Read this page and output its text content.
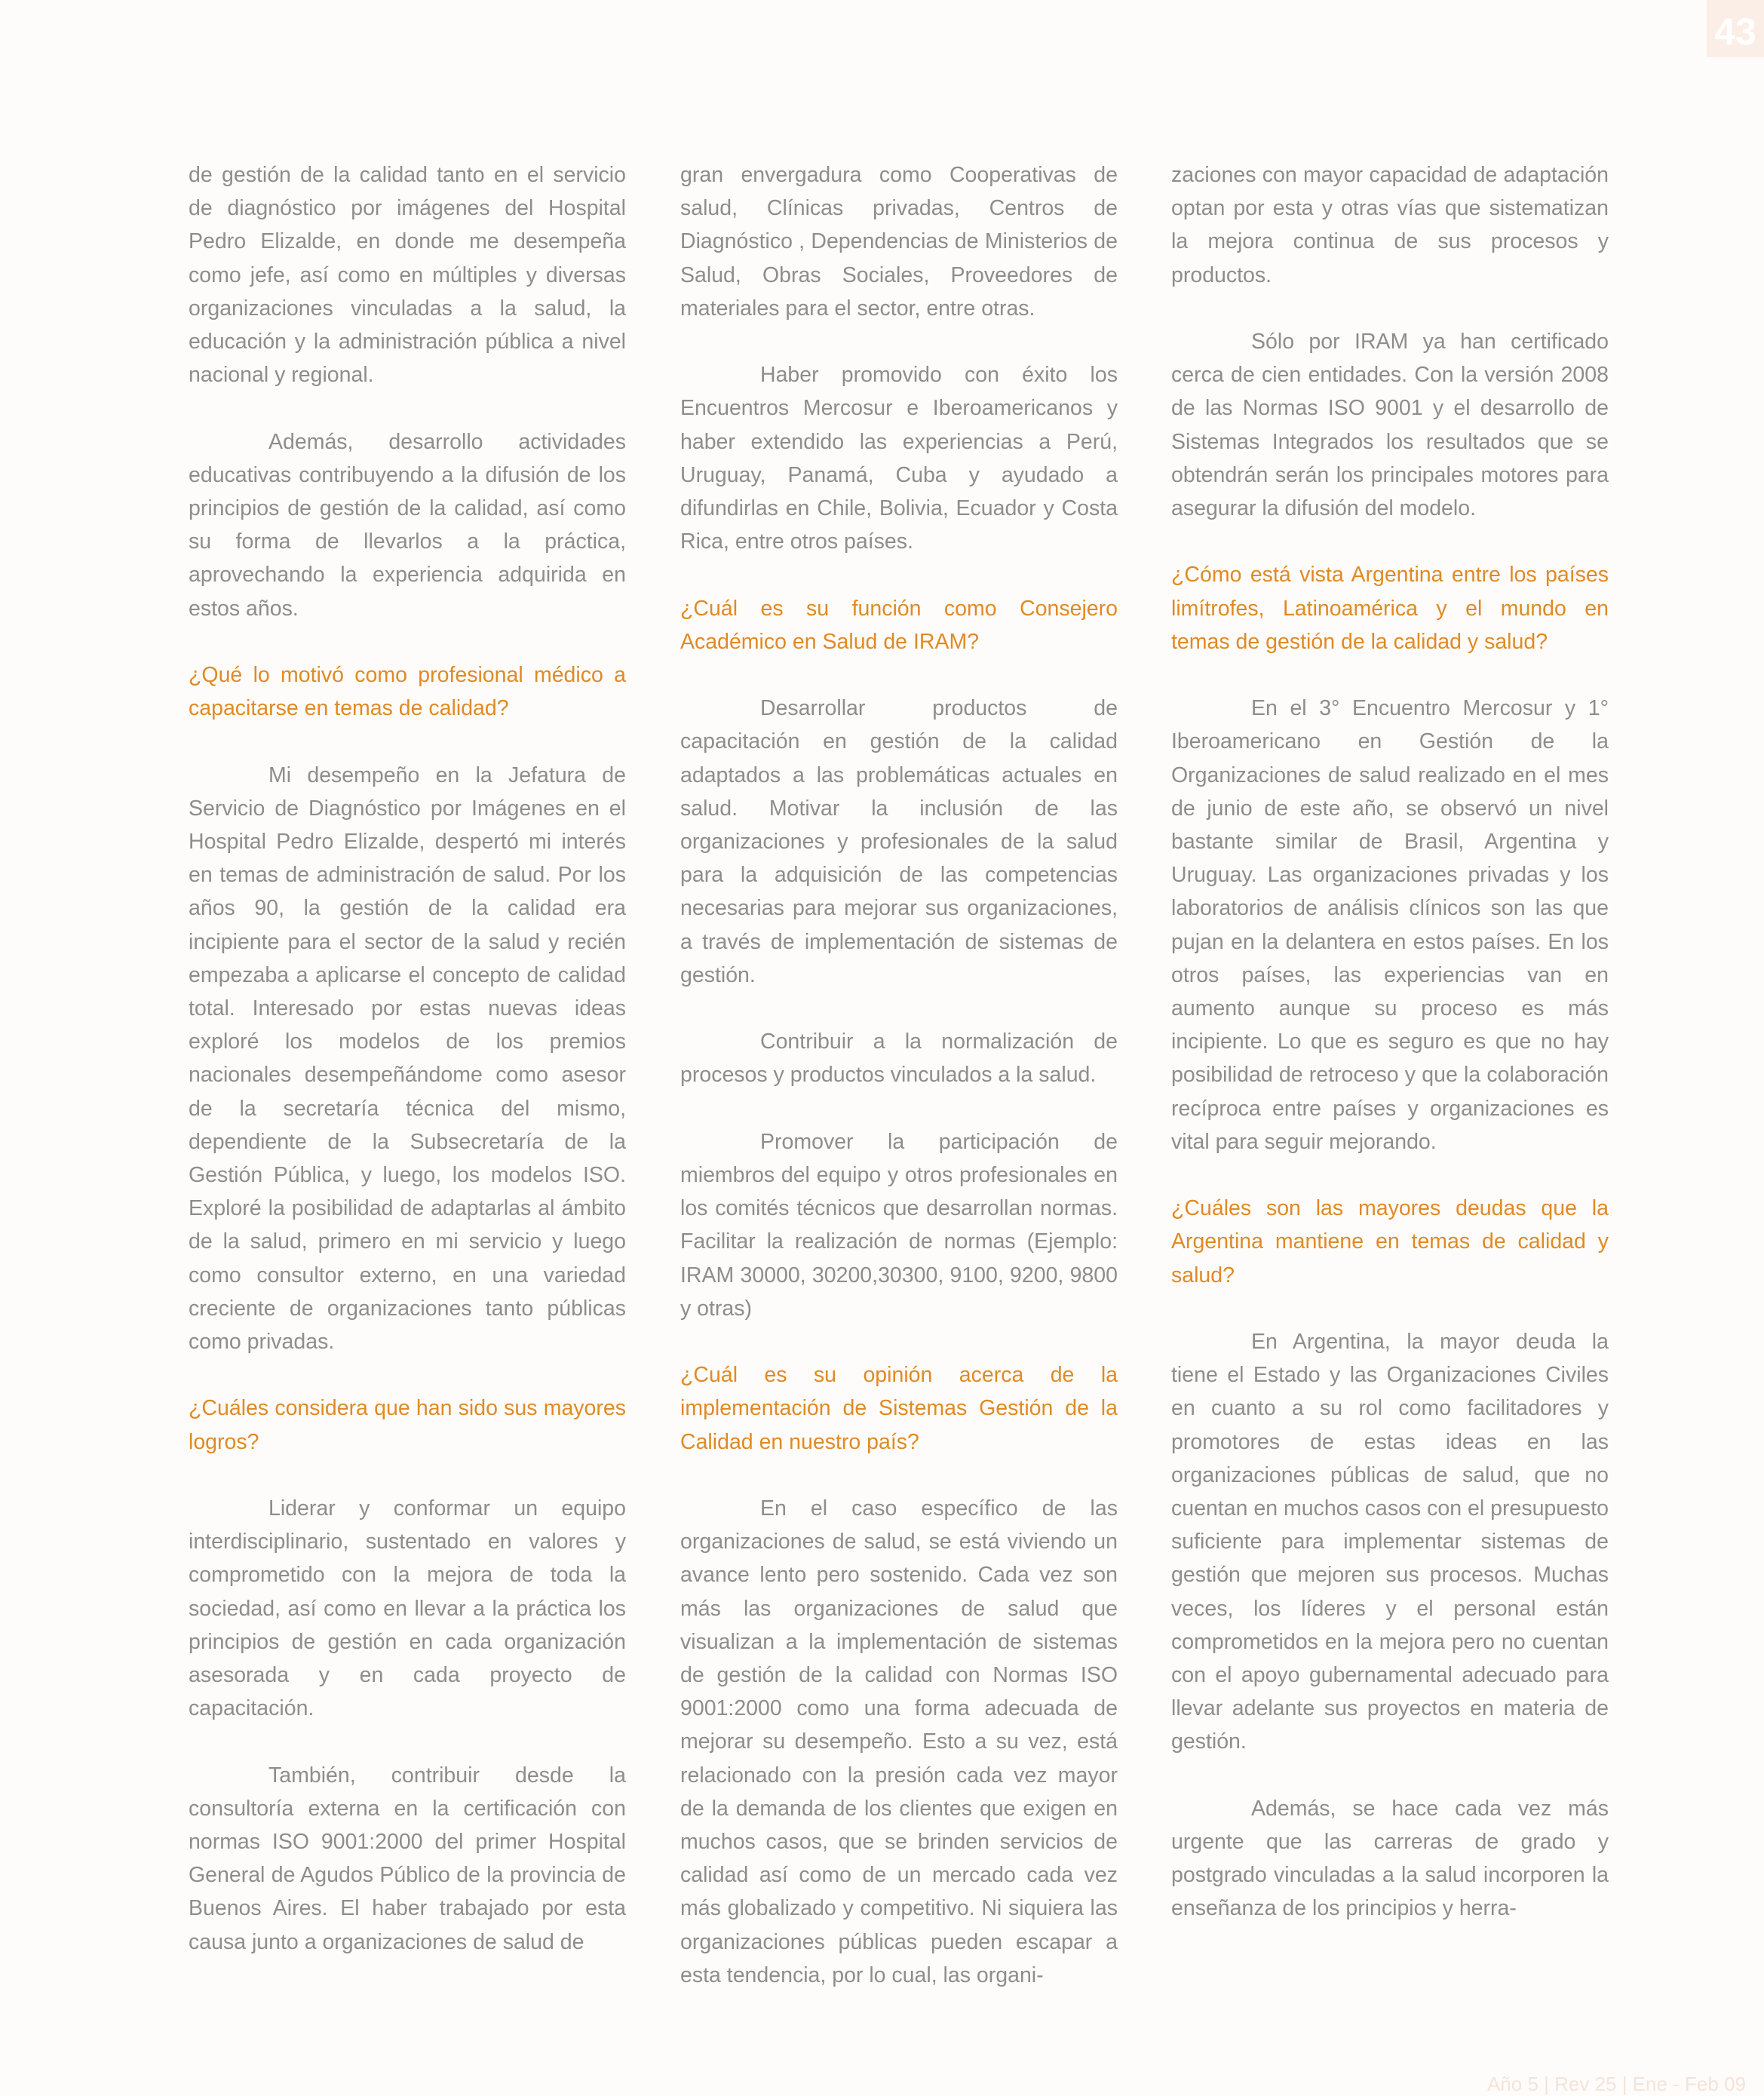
43

de gestión de la calidad tanto en el servicio de diagnóstico por imágenes del Hospital Pedro Elizalde, en donde me desempeña como jefe, así como en múltiples y diversas organizaciones vinculadas a la salud, la educación y la administración pública a nivel nacional y regional.

Además, desarrollo actividades educativas contribuyendo a la difusión de los principios de gestión de la calidad, así como su forma de llevarlos a la práctica, aprovechando la experiencia adquirida en estos años.

¿Qué lo motivó como profesional médico a capacitarse en temas de calidad?

Mi desempeño en la Jefatura de Servicio de Diagnóstico por Imágenes en el Hospital Pedro Elizalde, despertó mi interés en temas de administración de salud. Por los años 90, la gestión de la calidad era incipiente para el sector de la salud y recién empezaba a aplicarse el concepto de calidad total. Interesado por estas nuevas ideas exploré los modelos de los premios nacionales desempeñándome como asesor de la secretaría técnica del mismo, dependiente de la Subsecretaría de la Gestión Pública, y luego, los modelos ISO. Exploré la posibilidad de adaptarlas al ámbito de la salud, primero en mi servicio y luego como consultor externo, en una variedad creciente de organizaciones tanto públicas como privadas.

¿Cuáles considera que han sido sus mayores logros?

Liderar y conformar un equipo interdisciplinario, sustentado en valores y comprometido con la mejora de toda la sociedad, así como en llevar a la práctica los principios de gestión en cada organización asesorada y en cada proyecto de capacitación.

También, contribuir desde la consultoría externa en la certificación con normas ISO 9001:2000 del primer Hospital General de Agudos Público de la provincia de Buenos Aires. El haber trabajado por esta causa junto a organizaciones de salud de

gran envergadura como Cooperativas de salud, Clínicas privadas, Centros de Diagnóstico , Dependencias de Ministerios de Salud, Obras Sociales, Proveedores de materiales para el sector, entre otras.

Haber promovido con éxito los Encuentros Mercosur e Iberoamericanos y haber extendido las experiencias a Perú, Uruguay, Panamá, Cuba y ayudado a difundirlas en Chile, Bolivia, Ecuador y Costa Rica, entre otros países.

¿Cuál es su función como Consejero Académico en Salud de IRAM?

Desarrollar productos de capacitación en gestión de la calidad adaptados a las problemáticas actuales en salud. Motivar la inclusión de las organizaciones y profesionales de la salud para la adquisición de las competencias necesarias para mejorar sus organizaciones, a través de implementación de sistemas de gestión.

Contribuir a la normalización de procesos y productos vinculados a la salud.

Promover la participación de miembros del equipo y otros profesionales en los comités técnicos que desarrollan normas. Facilitar la realización de normas (Ejemplo: IRAM 30000, 30200,30300, 9100, 9200, 9800 y otras)

¿Cuál es su opinión acerca de la implementación de Sistemas Gestión de la Calidad en nuestro país?

En el caso específico de las organizaciones de salud, se está viviendo un avance lento pero sostenido. Cada vez son más las organizaciones de salud que visualizan a la implementación de sistemas de gestión de la calidad con Normas ISO 9001:2000 como una forma adecuada de mejorar su desempeño. Esto a su vez, está relacionado con la presión cada vez mayor de la demanda de los clientes que exigen en muchos casos, que se brinden servicios de calidad así como de un mercado cada vez más globalizado y competitivo. Ni siquiera las organizaciones públicas pueden escapar a esta tendencia, por lo cual, las organi-

zaciones con mayor capacidad de adaptación optan por esta y otras vías que sistematizan la mejora continua de sus procesos y productos.

Sólo por IRAM ya han certificado cerca de cien entidades. Con la versión 2008 de las Normas ISO 9001 y el desarrollo de Sistemas Integrados los resultados que se obtendrán serán los principales motores para asegurar la difusión del modelo.

¿Cómo está vista Argentina entre los países limítrofes, Latinoamérica y el mundo en temas de gestión de la calidad y salud?

En el 3° Encuentro Mercosur y 1° Iberoamericano en Gestión de la Organizaciones de salud realizado en el mes de junio de este año, se observó un nivel bastante similar de Brasil, Argentina y Uruguay. Las organizaciones privadas y los laboratorios de análisis clínicos son las que pujan en la delantera en estos países. En los otros países, las experiencias van en aumento aunque su proceso es más incipiente. Lo que es seguro es que no hay posibilidad de retroceso y que la colaboración recíproca entre países y organizaciones es vital para seguir mejorando.

¿Cuáles son las mayores deudas que la Argentina mantiene en temas de calidad y salud?

En Argentina, la mayor deuda la tiene el Estado y las Organizaciones Civiles en cuanto a su rol como facilitadores y promotores de estas ideas en las organizaciones públicas de salud, que no cuentan en muchos casos con el presupuesto suficiente para implementar sistemas de gestión que mejoren sus procesos. Muchas veces, los líderes y el personal están comprometidos en la mejora pero no cuentan con el apoyo gubernamental adecuado para llevar adelante sus proyectos en materia de gestión.

Además, se hace cada vez más urgente que las carreras de grado y postgrado vinculadas a la salud incorporen la enseñanza de los principios y herra-

Año 5 | Rev 25 | Ene - Feb 09
